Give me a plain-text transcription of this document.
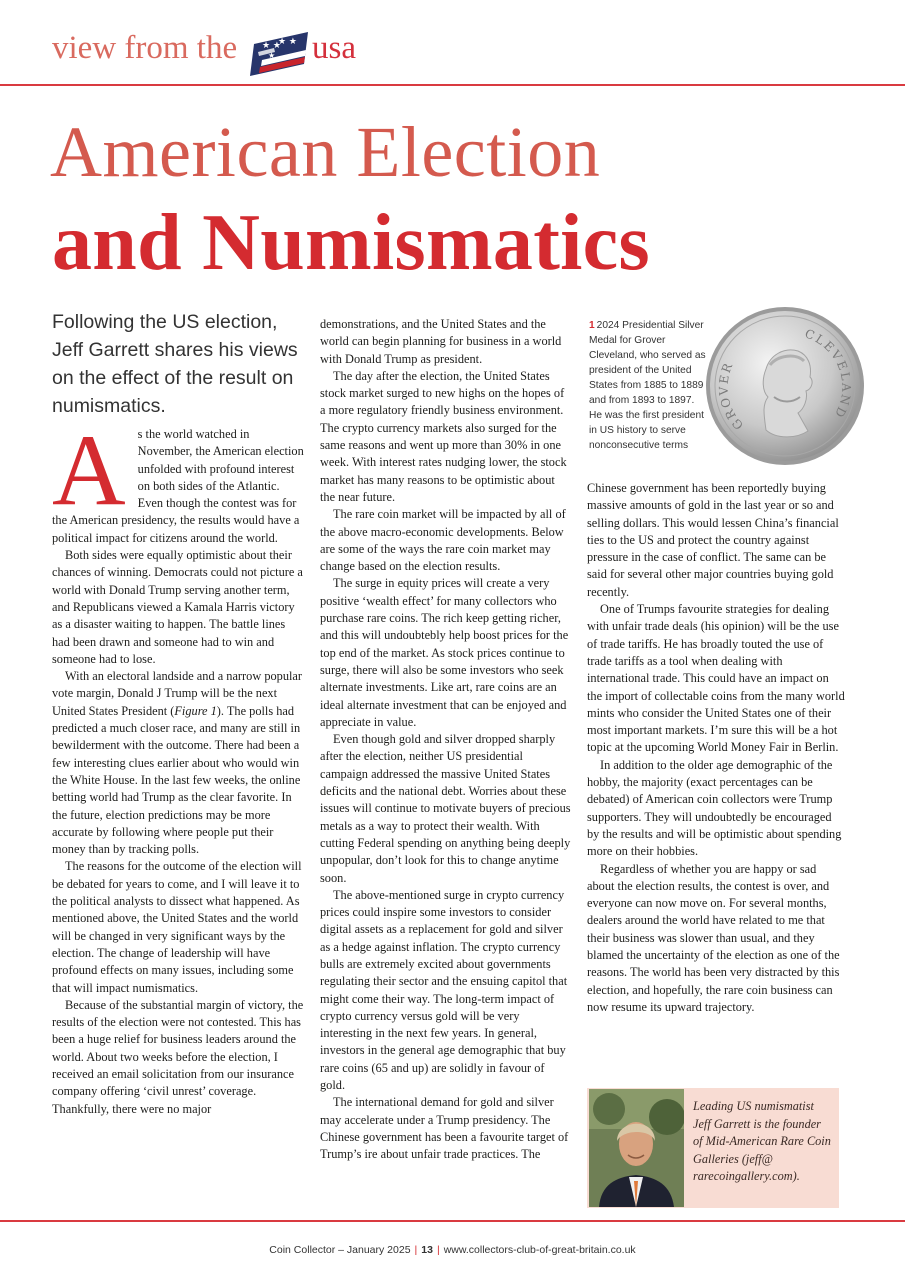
view from the	★ ★
★ ★
★ usa
American Election
and Numismatics
Following the US election, Jeff Garrett shares his views on the effect of the result on numismatics.

As the world watched in November, the American election unfolded with profound interest on both sides of the Atlantic. Even though the contest was for the American presidency, the results would have a political impact for citizens around the world.

Both sides were equally optimistic about their chances of winning. Democrats could not picture a world with Donald Trump serving another term, and Republicans viewed a Kamala Harris victory as a disaster waiting to happen. The battle lines had been drawn and someone had to win and someone had to lose.

With an electoral landside and a narrow popular vote margin, Donald J Trump will be the next United States President (Figure 1). The polls had predicted a much closer race, and many are still in bewilderment with the outcome. There had been a few interesting clues earlier about who would win the White House. In the last few weeks, the online betting world had Trump as the clear favorite. In the future, election predictions may be more accurate by following where people put their money than by tracking polls.

The reasons for the outcome of the election will be debated for years to come, and I will leave it to the political analysts to dissect what happened. As mentioned above, the United States and the world will be changed in very significant ways by the election. The change of leadership will have profound effects on many issues, including some that will impact numismatics.

Because of the substantial margin of victory, the results of the election were not contested. This has been a huge relief for business leaders around the world. About two weeks before the election, I received an email solicitation from our insurance company offering ‘civil unrest’ coverage. Thankfully, there were no major

demonstrations, and the United States and the world can begin planning for business in a world with Donald Trump as president.

The day after the election, the United States stock market surged to new highs on the hopes of a more regulatory friendly business environment. The crypto currency markets also surged for the same reasons and went up more than 30% in one week. With interest rates nudging lower, the stock market has many reasons to be optimistic about the near future.

The rare coin market will be impacted by all of the above macro-economic developments. Below are some of the ways the rare coin market may change based on the election results.

The surge in equity prices will create a very positive ‘wealth effect’ for many collectors who purchase rare coins. The rich keep getting richer, and this will undoubtebly help boost prices for the top end of the market. As stock prices continue to surge, there will also be some investors who seek alternate investments. Like art, rare coins are an ideal alternate investment that can be enjoyed and appreciate in value.

Even though gold and silver dropped sharply after the election, neither US presidential campaign addressed the massive United States deficits and the national debt. Worries about these issues will continue to motivate buyers of precious metals as a way to protect their wealth. With cutting Federal spending on anything being deeply unpopular, don’t look for this to change anytime soon.

The above-mentioned surge in crypto currency prices could inspire some investors to consider digital assets as a replacement for gold and silver as a hedge against inflation. The crypto currency bulls are extremely excited about governments regulating their sector and the ensuing capitol that might come their way. The long-term impact of crypto currency versus gold will be very interesting in the next few years. In general, investors in the general age demographic that buy rare coins (65 and up) are solidly in favour of gold.

The international demand for gold and silver may accelerate under a Trump presidency. The Chinese government has been a favourite target of Trump’s ire about unfair trade practices. The

1 2024 Presidential Silver Medal for Grover Cleveland, who served as president of the United States from 1885 to 1889 and from 1893 to 1897. He was the first president in US history to serve nonconsecutive terms
GROVER
CLEVELAND

Chinese government has been reportedly buying massive amounts of gold in the last year or so and selling dollars. This would lessen China’s financial ties to the US and protect the country against pressure in the case of conflict. The same can be said for several other major countries buying gold recently.

One of Trumps favourite strategies for dealing with unfair trade deals (his opinion) will be the use of trade tariffs. He has broadly touted the use of trade tariffs as a tool when dealing with international trade. This could have an impact on the import of collectable coins from the many world mints who consider the United States one of their most important markets. I’m sure this will be a hot topic at the upcoming World Money Fair in Berlin.

In addition to the older age demographic of the hobby, the majority (exact percentages can be debated) of American coin collectors were Trump supporters. They will undoubtedly be encouraged by the results and will be optimistic about spending more on their hobbies.

Regardless of whether you are happy or sad about the election results, the contest is over, and everyone can now move on. For several months, dealers around the world have related to me that their business was slower than usual, and they blamed the uncertainty of the election as one of the reasons. The world has been very distracted by this election, and hopefully, the rare coin business can now resume its upward trajectory.

Leading US numismatist Jeff Garrett is the founder of Mid-American Rare Coin Galleries (jeff@ rarecoingallery.com).
Coin Collector – January 2025 | 13 | www.collectors-club-of-great-britain.co.uk
